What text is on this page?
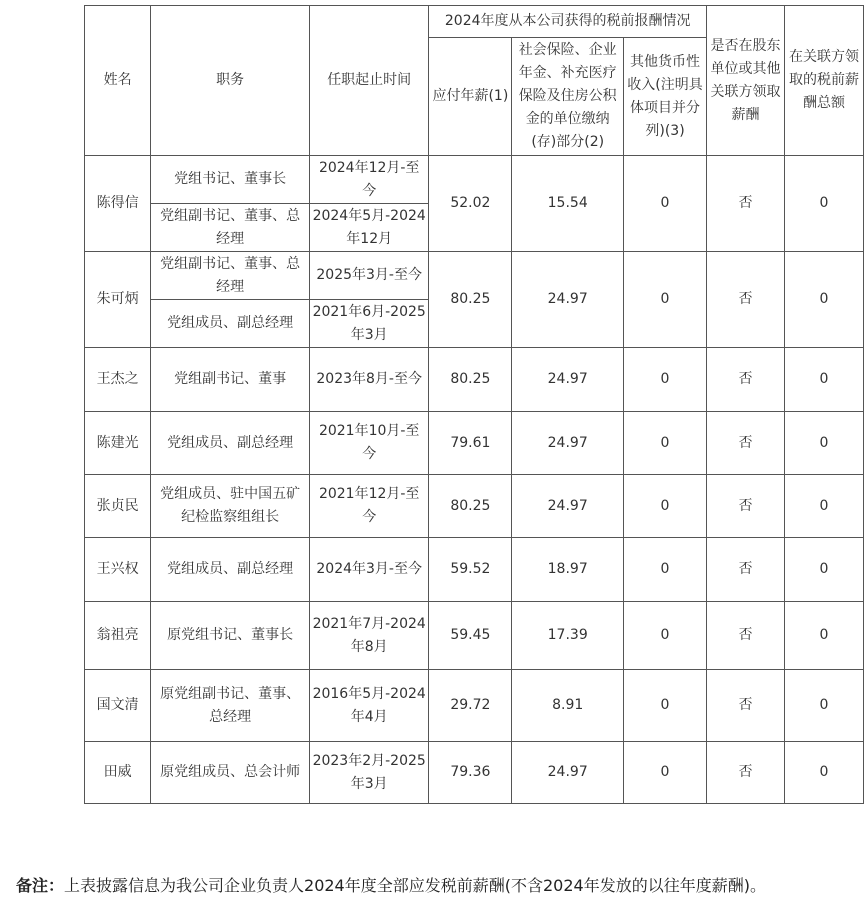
姓名	职务	任职起止时间	2024年度从本公司获得的税前报酬情况			是否在股东单位或其他关联方领取薪酬	在关联方领取的税前薪酬总额
			应付年薪(1)	社会保险、企业年金、补充医疗保险及住房公积金的单位缴纳(存)部分(2)	其他货币性收入(注明具体项目并分列)(3)		
陈得信	党组书记、董事长	2024年12月-至今	52.02	15.54	0	否	0
	党组副书记、董事、总经理	2024年5月-2024年12月					
朱可炳	党组副书记、董事、总经理	2025年3月-至今	80.25	24.97	0	否	0
	党组成员、副总经理	2021年6月-2025年3月					
王杰之	党组副书记、董事	2023年8月-至今	80.25	24.97	0	否	0
陈建光	党组成员、副总经理	2021年10月-至今	79.61	24.97	0	否	0
张贞民	党组成员、驻中国五矿纪检监察组组长	2021年12月-至今	80.25	24.97	0	否	0
王兴权	党组成员、副总经理	2024年3月-至今	59.52	18.97	0	否	0
翁祖亮	原党组书记、董事长	2021年7月-2024年8月	59.45	17.39	0	否	0
国文清	原党组副书记、董事、总经理	2016年5月-2024年4月	29.72	8.91	0	否	0
田威	原党组成员、总会计师	2023年2月-2025年3月	79.36	24.97	0	否	0
备注：上表披露信息为我公司企业负责人2024年度全部应发税前薪酬(不含2024年发放的以往年度薪酬)。
